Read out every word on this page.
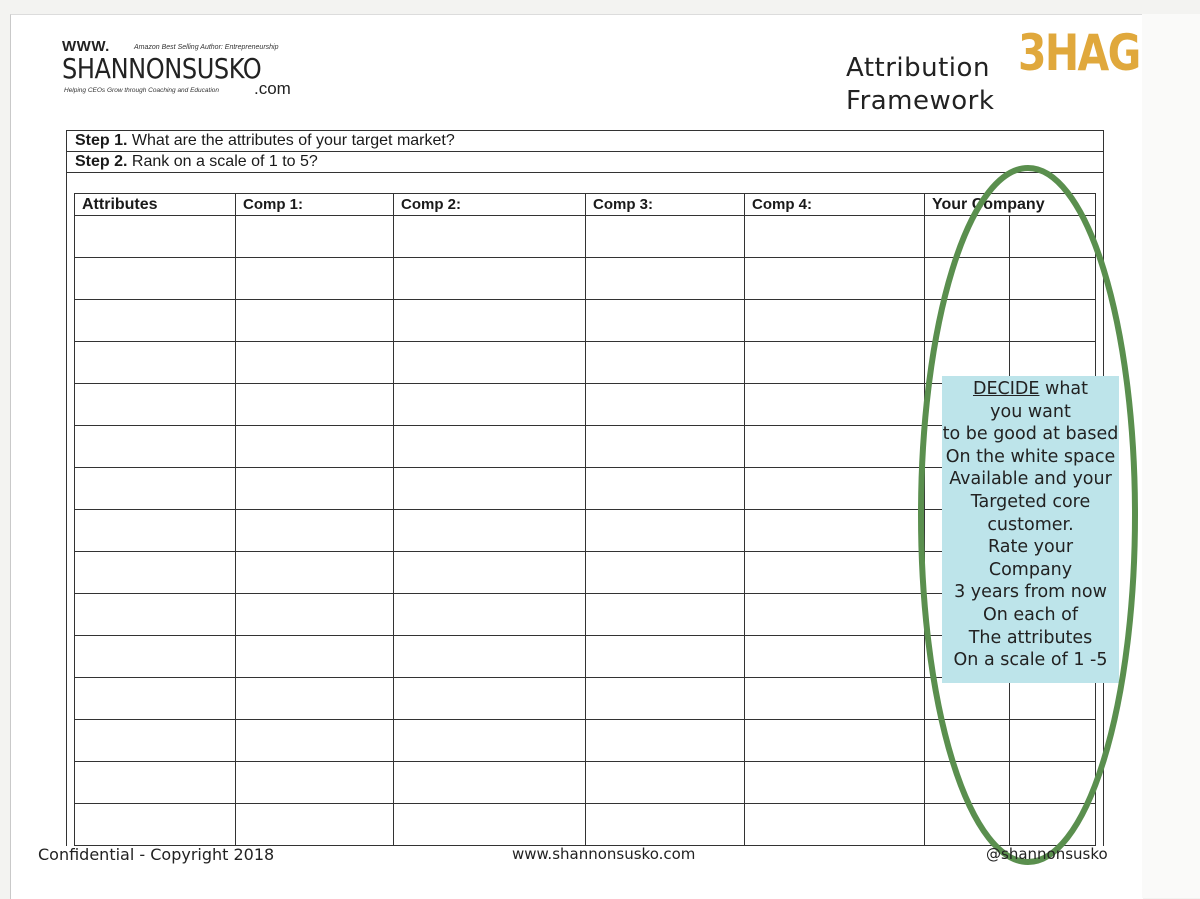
WWW.	Amazon Best Selling Author: Entrepreneurship
SHANNONSUSKO
Helping CEOs Grow through Coaching and Education .com
Attribution
Framework
3HAG
Step 1. What are the attributes of your target market?
Step 2. Rank on a scale of 1 to 5?
Attributes	Comp 1:	Comp 2:	Comp 3:	Comp 4:	Your Company	

DECIDE what
you want
to be good at based
On the white space
Available and your
Targeted core
customer.
Rate your
Company
3 years from now
On each of
The attributes
On a scale of 1 -5
Confidential - Copyright 2018	www.shannonsusko.com	@shannonsusko
